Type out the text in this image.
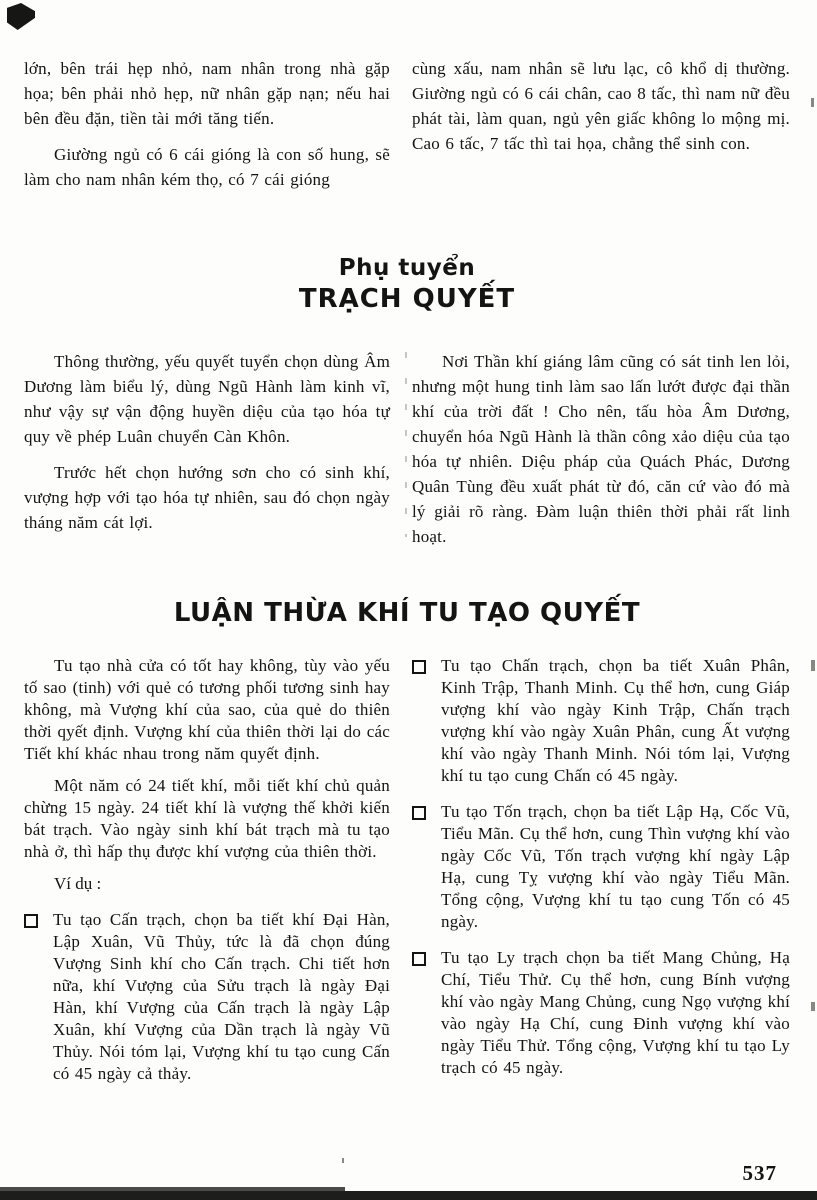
lớn, bên trái hẹp nhỏ, nam nhân trong nhà gặp họa; bên phải nhỏ hẹp, nữ nhân gặp nạn; nếu hai bên đều đặn, tiền tài mới tăng tiến.

Giường ngủ có 6 cái gióng là con số hung, sẽ làm cho nam nhân kém thọ, có 7 cái gióng

cùng xấu, nam nhân sẽ lưu lạc, cô khổ dị thường. Giường ngủ có 6 cái chân, cao 8 tấc, thì nam nữ đều phát tài, làm quan, ngủ yên giấc không lo mộng mị. Cao 6 tấc, 7 tấc thì tai họa, chẳng thể sinh con.

Phụ tuyển
TRẠCH QUYẾT

Thông thường, yếu quyết tuyển chọn dùng Âm Dương làm biểu lý, dùng Ngũ Hành làm kinh vĩ, như vậy sự vận động huyền diệu của tạo hóa tự quy về phép Luân chuyển Càn Khôn.

Trước hết chọn hướng sơn cho có sinh khí, vượng hợp với tạo hóa tự nhiên, sau đó chọn ngày tháng năm cát lợi.

Nơi Thần khí giáng lâm cũng có sát tinh len lỏi, nhưng một hung tinh làm sao lấn lướt được đại thần khí của trời đất ! Cho nên, tấu hòa Âm Dương, chuyển hóa Ngũ Hành là thần công xảo diệu của tạo hóa tự nhiên. Diệu pháp của Quách Phác, Dương Quân Tùng đều xuất phát từ đó, căn cứ vào đó mà lý giải rõ ràng. Đàm luận thiên thời phải rất linh hoạt.

LUẬN THỪA KHÍ TU TẠO QUYẾT

Tu tạo nhà cửa có tốt hay không, tùy vào yếu tố sao (tinh) với quẻ có tương phối tương sinh hay không, mà Vượng khí của sao, của quẻ do thiên thời qyết định. Vượng khí của thiên thời lại do các Tiết khí khác nhau trong năm quyết định.

Một năm có 24 tiết khí, mỗi tiết khí chủ quản chừng 15 ngày. 24 tiết khí là vượng thế khởi kiến bát trạch. Vào ngày sinh khí bát trạch mà tu tạo nhà ở, thì hấp thụ được khí vượng của thiên thời.

Ví dụ :
Tu tạo Cấn trạch, chọn ba tiết khí Đại Hàn, Lập Xuân, Vũ Thủy, tức là đã chọn đúng Vượng Sinh khí cho Cấn trạch. Chi tiết hơn nữa, khí Vượng của Sửu trạch là ngày Đại Hàn, khí Vượng của Cấn trạch là ngày Lập Xuân, khí Vượng của Dần trạch là ngày Vũ Thủy. Nói tóm lại, Vượng khí tu tạo cung Cấn có 45 ngày cả thảy.
Tu tạo Chấn trạch, chọn ba tiết Xuân Phân, Kinh Trập, Thanh Minh. Cụ thể hơn, cung Giáp vượng khí vào ngày Kinh Trập, Chấn trạch vượng khí vào ngày Xuân Phân, cung Ất vượng khí vào ngày Thanh Minh. Nói tóm lại, Vượng khí tu tạo cung Chấn có 45 ngày.
Tu tạo Tốn trạch, chọn ba tiết Lập Hạ, Cốc Vũ, Tiểu Mãn. Cụ thể hơn, cung Thìn vượng khí vào ngày Cốc Vũ, Tốn trạch vượng khí ngày Lập Hạ, cung Tỵ vượng khí vào ngày Tiểu Mãn. Tổng cộng, Vượng khí tu tạo cung Tốn có 45 ngày.
Tu tạo Ly trạch chọn ba tiết Mang Chủng, Hạ Chí, Tiểu Thử. Cụ thể hơn, cung Bính vượng khí vào ngày Mang Chủng, cung Ngọ vượng khí vào ngày Hạ Chí, cung Đinh vượng khí vào ngày Tiểu Thử. Tổng cộng, Vượng khí tu tạo Ly trạch có 45 ngày.
537
